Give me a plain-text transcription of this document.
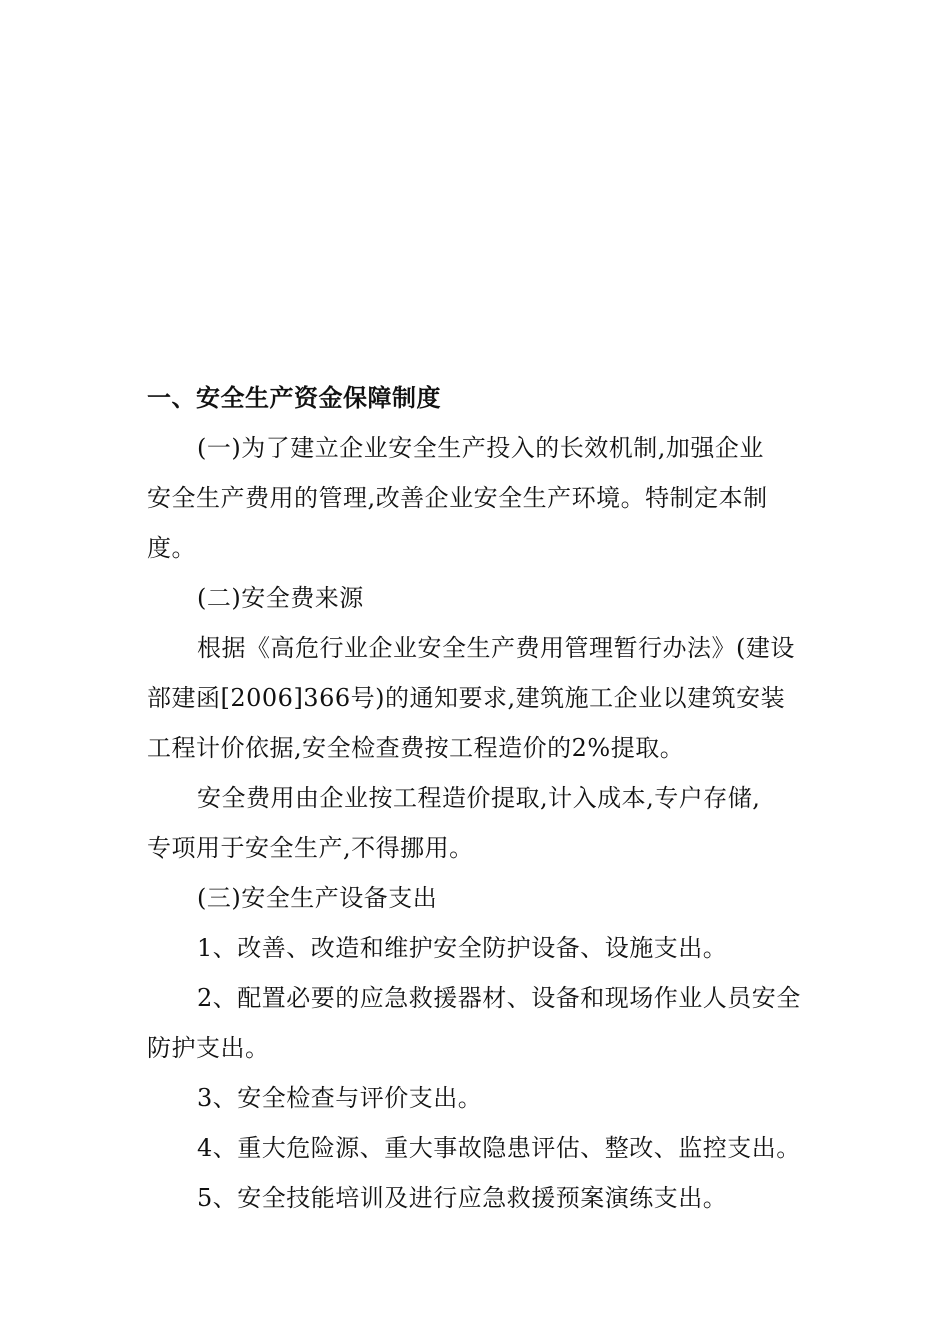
一、安全生产资金保障制度
(一)为了建立企业安全生产投入的长效机制,加强企业
安全生产费用的管理,改善企业安全生产环境。特制定本制
度。
(二)安全费来源
根据《高危行业企业安全生产费用管理暂行办法》(建设
部建函[2006]366号)的通知要求,建筑施工企业以建筑安装
工程计价依据,安全检查费按工程造价的2%提取。
安全费用由企业按工程造价提取,计入成本,专户存储,
专项用于安全生产,不得挪用。
(三)安全生产设备支出
1、改善、改造和维护安全防护设备、设施支出。
2、配置必要的应急救援器材、设备和现场作业人员安全
防护支出。
3、安全检查与评价支出。
4、重大危险源、重大事故隐患评估、整改、监控支出。
5、安全技能培训及进行应急救援预案演练支出。
